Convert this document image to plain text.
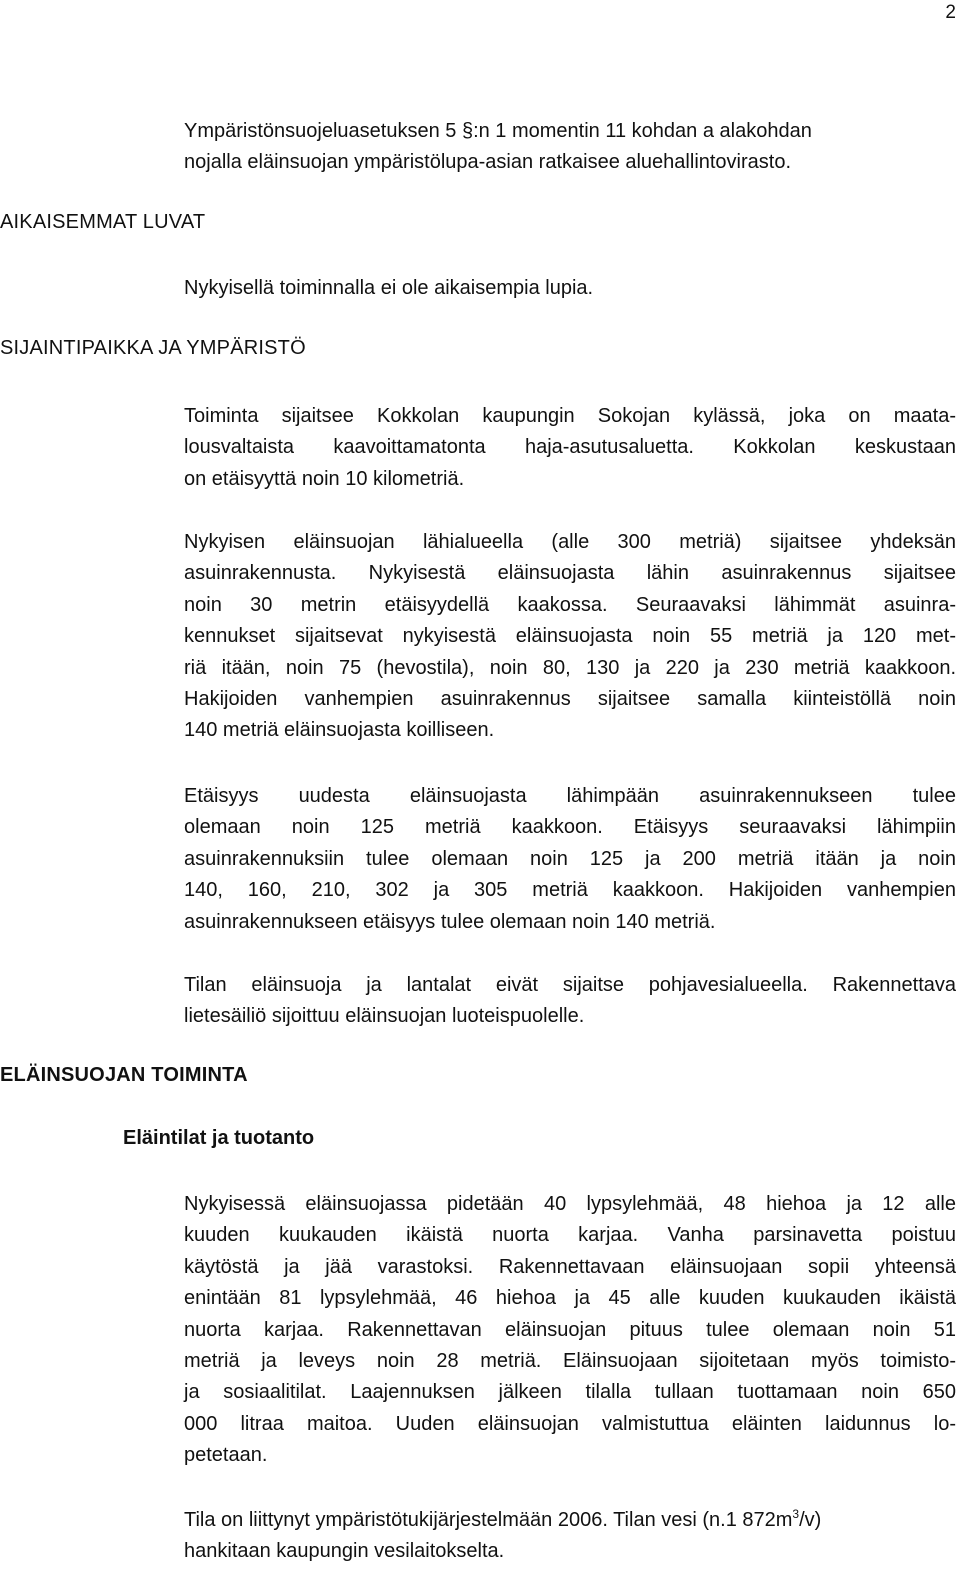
2
Ympäristönsuojeluasetuksen 5 §:n 1 momentin 11 kohdan a alakohdan
nojalla eläinsuojan ympäristölupa-asian ratkaisee aluehallintovirasto.
AIKAISEMMAT LUVAT
Nykyisellä toiminnalla ei ole aikaisempia lupia.
SIJAINTIPAIKKA JA YMPÄRISTÖ
Toiminta sijaitsee Kokkolan kaupungin Sokojan kylässä, joka on maata-
lousvaltaista kaavoittamatonta haja-asutusaluetta. Kokkolan keskustaan
on etäisyyttä noin 10 kilometriä.
Nykyisen eläinsuojan lähialueella (alle 300 metriä) sijaitsee yhdeksän
asuinrakennusta. Nykyisestä eläinsuojasta lähin asuinrakennus sijaitsee
noin 30 metrin etäisyydellä kaakossa. Seuraavaksi lähimmät asuinra-
kennukset sijaitsevat nykyisestä eläinsuojasta noin 55 metriä ja 120 met-
riä itään, noin 75 (hevostila), noin 80, 130 ja 220 ja 230 metriä kaakkoon.
Hakijoiden vanhempien asuinrakennus sijaitsee samalla kiinteistöllä noin
140 metriä eläinsuojasta koilliseen.
Etäisyys uudesta eläinsuojasta lähimpään asuinrakennukseen tulee
olemaan noin 125 metriä kaakkoon. Etäisyys seuraavaksi lähimpiin
asuinrakennuksiin tulee olemaan noin 125 ja 200 metriä itään ja noin
140, 160, 210, 302 ja 305 metriä kaakkoon. Hakijoiden vanhempien
asuinrakennukseen etäisyys tulee olemaan noin 140 metriä.
Tilan eläinsuoja ja lantalat eivät sijaitse pohjavesialueella. Rakennettava
lietesäiliö sijoittuu eläinsuojan luoteispuolelle.
ELÄINSUOJAN TOIMINTA
Eläintilat ja tuotanto
Nykyisessä eläinsuojassa pidetään 40 lypsylehmää, 48 hiehoa ja 12 alle
kuuden kuukauden ikäistä nuorta karjaa. Vanha parsinavetta poistuu
käytöstä ja jää varastoksi. Rakennettavaan eläinsuojaan sopii yhteensä
enintään 81 lypsylehmää, 46 hiehoa ja 45 alle kuuden kuukauden ikäistä
nuorta karjaa. Rakennettavan eläinsuojan pituus tulee olemaan noin 51
metriä ja leveys noin 28 metriä. Eläinsuojaan sijoitetaan myös toimisto-
ja sosiaalitilat. Laajennuksen jälkeen tilalla tullaan tuottamaan noin 650
000 litraa maitoa. Uuden eläinsuojan valmistuttua eläinten laidunnus lo-
petetaan.
Tila on liittynyt ympäristötukijärjestelmään 2006. Tilan vesi (n.1 $872m^3/v$)
hankitaan kaupungin vesilaitokselta.
